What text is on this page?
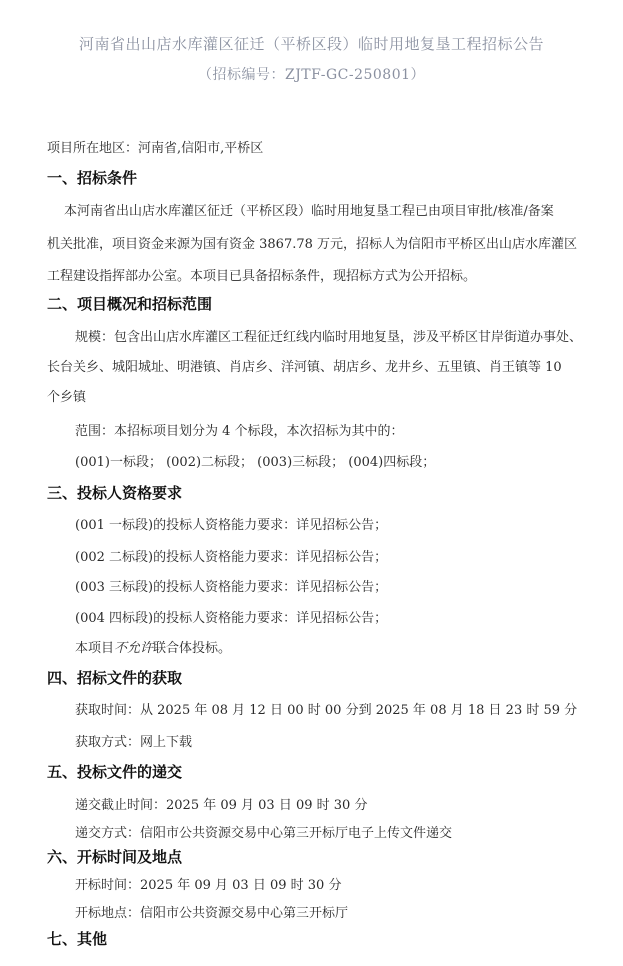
河南省出山店水库灌区征迁（平桥区段）临时用地复垦工程招标公告
（招标编号：ZJTF-GC-250801）
项目所在地区：河南省,信阳市,平桥区
一、招标条件
本河南省出山店水库灌区征迁（平桥区段）临时用地复垦工程已由项目审批/核准/备案
机关批准，项目资金来源为国有资金 3867.78 万元，招标人为信阳市平桥区出山店水库灌区
工程建设指挥部办公室。本项目已具备招标条件，现招标方式为公开招标。
二、项目概况和招标范围
规模：包含出山店水库灌区工程征迁红线内临时用地复垦，涉及平桥区甘岸街道办事处、
长台关乡、城阳城址、明港镇、肖店乡、洋河镇、胡店乡、龙井乡、五里镇、肖王镇等 10
个乡镇
范围：本招标项目划分为 4 个标段，本次招标为其中的：
(001)一标段； (002)二标段； (003)三标段； (004)四标段；
三、投标人资格要求
(001 一标段)的投标人资格能力要求：详见招标公告；
(002 二标段)的投标人资格能力要求：详见招标公告；
(003 三标段)的投标人资格能力要求：详见招标公告；
(004 四标段)的投标人资格能力要求：详见招标公告；
本项目不允许联合体投标。
四、招标文件的获取
获取时间：从 2025 年 08 月 12 日 00 时 00 分到 2025 年 08 月 18 日 23 时 59 分
获取方式：网上下载
五、投标文件的递交
递交截止时间：2025 年 09 月 03 日 09 时 30 分
递交方式：信阳市公共资源交易中心第三开标厅电子上传文件递交
六、开标时间及地点
开标时间：2025 年 09 月 03 日 09 时 30 分
开标地点：信阳市公共资源交易中心第三开标厅
七、其他
